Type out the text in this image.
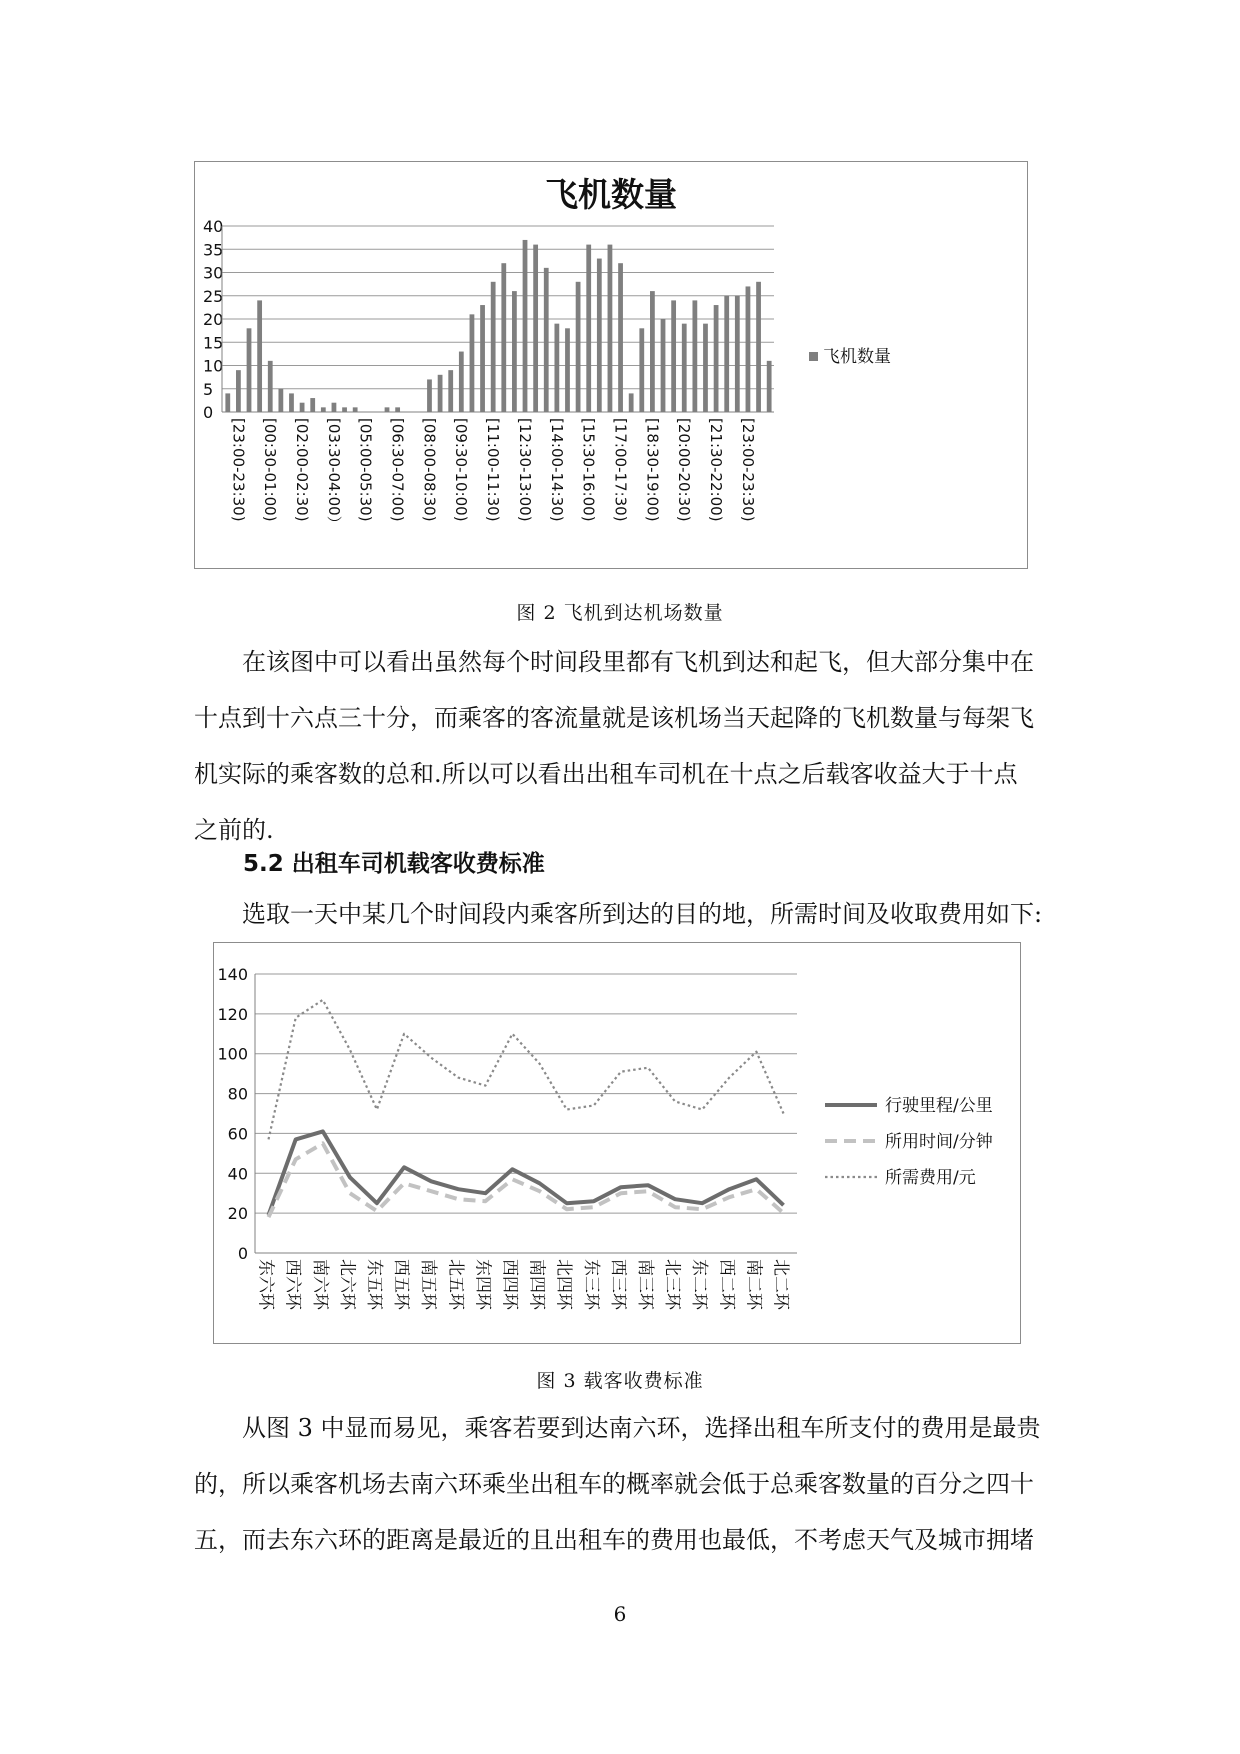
飞机数量
0
5
10
15
20
25
30
35
40
[23:00-23:30) [00:30-01:00) [02:00-02:30) [03:30-04:00） [05:00-05:30) [06:30-07:00) [08:00-08:30) [09:30-10:00) [11:00-11:30) [12:30-13:00) [14:00-14:30) [15:30-16:00) [17:00-17:30) [18:30-19:00) [20:00-20:30) [21:30-22:00) [23:00-23:30)
飞机数量
图 2 飞机到达机场数量
在该图中可以看出虽然每个时间段里都有飞机到达和起飞，但大部分集中在
十点到十六点三十分，而乘客的客流量就是该机场当天起降的飞机数量与每架飞
机实际的乘客数的总和.所以可以看出出租车司机在十点之后载客收益大于十点
之前的.
5.2 出租车司机载客收费标准
选取一天中某几个时间段内乘客所到达的目的地，所需时间及收取费用如下:
0
20
40
60
80
100
120
140
东六环 西六环 南六环 北六环 东五环 西五环 南五环 北五环 东四环 西四环 南四环 北四环 东三环 西三环 南三环 北三环 东二环 西二环 南二环 北二环
行驶里程/公里
所用时间/分钟
所需费用/元
图 3 载客收费标准
从图 3 中显而易见，乘客若要到达南六环，选择出租车所支付的费用是最贵
的，所以乘客机场去南六环乘坐出租车的概率就会低于总乘客数量的百分之四十
五，而去东六环的距离是最近的且出租车的费用也最低，不考虑天气及城市拥堵
6
